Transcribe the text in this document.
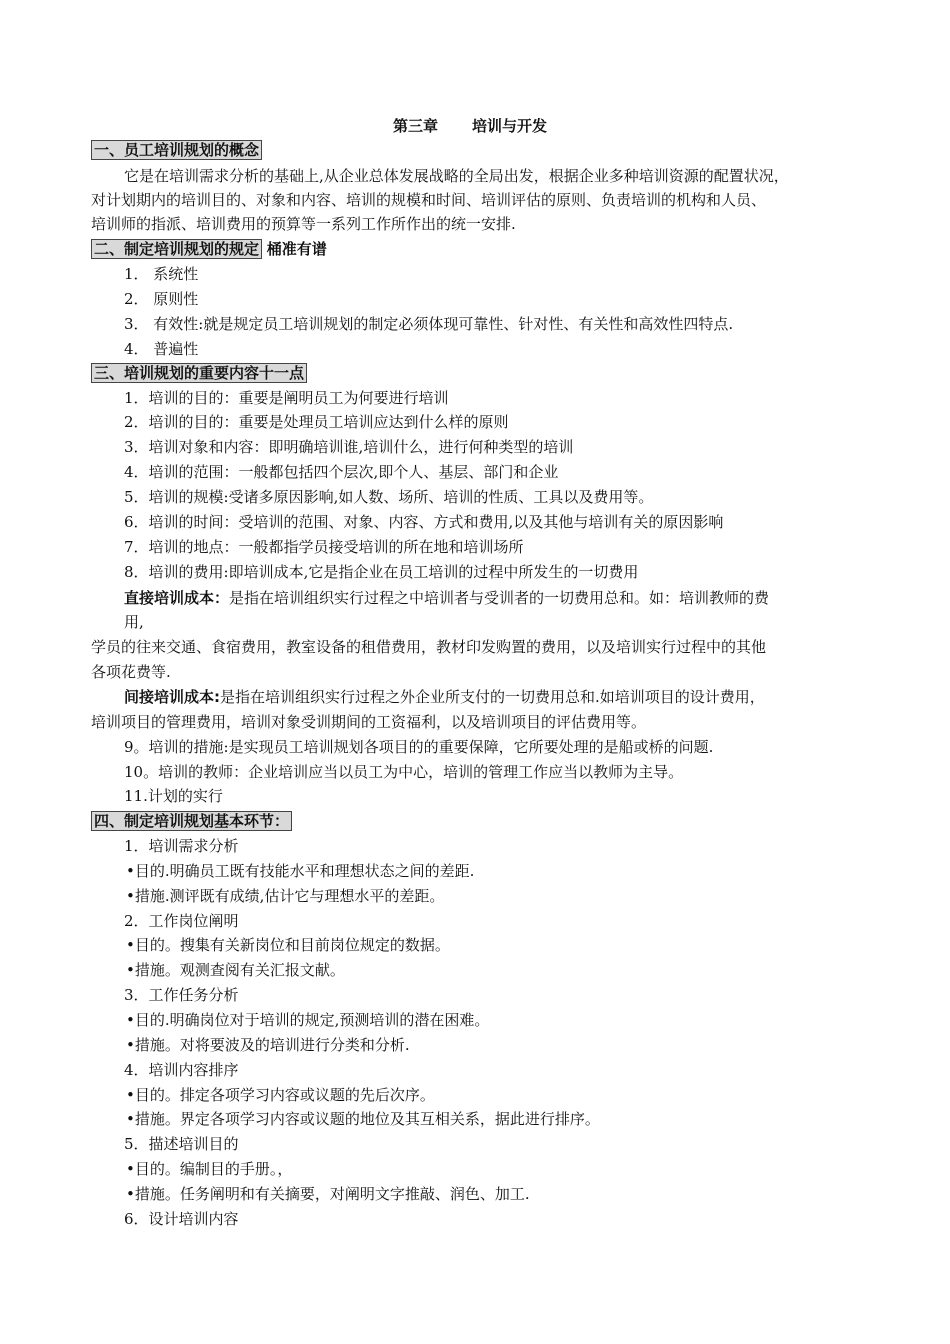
第三章 培训与开发
一、员工培训规划的概念
它是在培训需求分析的基础上,从企业总体发展战略的全局出发，根据企业多种培训资源的配置状况，
对计划期内的培训目的、对象和内容、培训的规模和时间、培训评估的原则、负责培训的机构和人员、
培训师的指派、培训费用的预算等一系列工作所作出的统一安排.
二、制定培训规划的规定 桶准有谱
1． 系统性
2． 原则性
3． 有效性:就是规定员工培训规划的制定必须体现可靠性、针对性、有关性和高效性四特点.
4． 普遍性
三、培训规划的重要内容十一点
1．培训的目的：重要是阐明员工为何要进行培训
2．培训的目的：重要是处理员工培训应达到什么样的原则
3．培训对象和内容：即明确培训谁,培训什么，进行何种类型的培训
4．培训的范围：一般都包括四个层次,即个人、基层、部门和企业
5．培训的规模:受诸多原因影响,如人数、场所、培训的性质、工具以及费用等。
6．培训的时间：受培训的范围、对象、内容、方式和费用,以及其他与培训有关的原因影响
7．培训的地点：一般都指学员接受培训的所在地和培训场所
8．培训的费用:即培训成本,它是指企业在员工培训的过程中所发生的一切费用
直接培训成本：是指在培训组织实行过程之中培训者与受训者的一切费用总和。如：培训教师的费
用,
学员的往来交通、食宿费用，教室设备的租借费用，教材印发购置的费用，以及培训实行过程中的其他
各项花费等.
间接培训成本:是指在培训组织实行过程之外企业所支付的一切费用总和.如培训项目的设计费用，
培训项目的管理费用，培训对象受训期间的工资福利，以及培训项目的评估费用等。
9。培训的措施:是实现员工培训规划各项目的的重要保障，它所要处理的是船或桥的问题.
10。培训的教师：企业培训应当以员工为中心，培训的管理工作应当以教师为主导。
11.计划的实行
四、制定培训规划基本环节：
1．培训需求分析
•目的.明确员工既有技能水平和理想状态之间的差距.
•措施.测评既有成绩,估计它与理想水平的差距。
2．工作岗位阐明
•目的。搜集有关新岗位和目前岗位规定的数据。
•措施。观测查阅有关汇报文献。
3．工作任务分析
•目的.明确岗位对于培训的规定,预测培训的潜在困难。
•措施。对将要波及的培训进行分类和分析.
4．培训内容排序
•目的。排定各项学习内容或议题的先后次序。
•措施。界定各项学习内容或议题的地位及其互相关系，据此进行排序。
5．描述培训目的
•目的。编制目的手册。，
•措施。任务阐明和有关摘要，对阐明文字推敲、润色、加工.
6．设计培训内容
